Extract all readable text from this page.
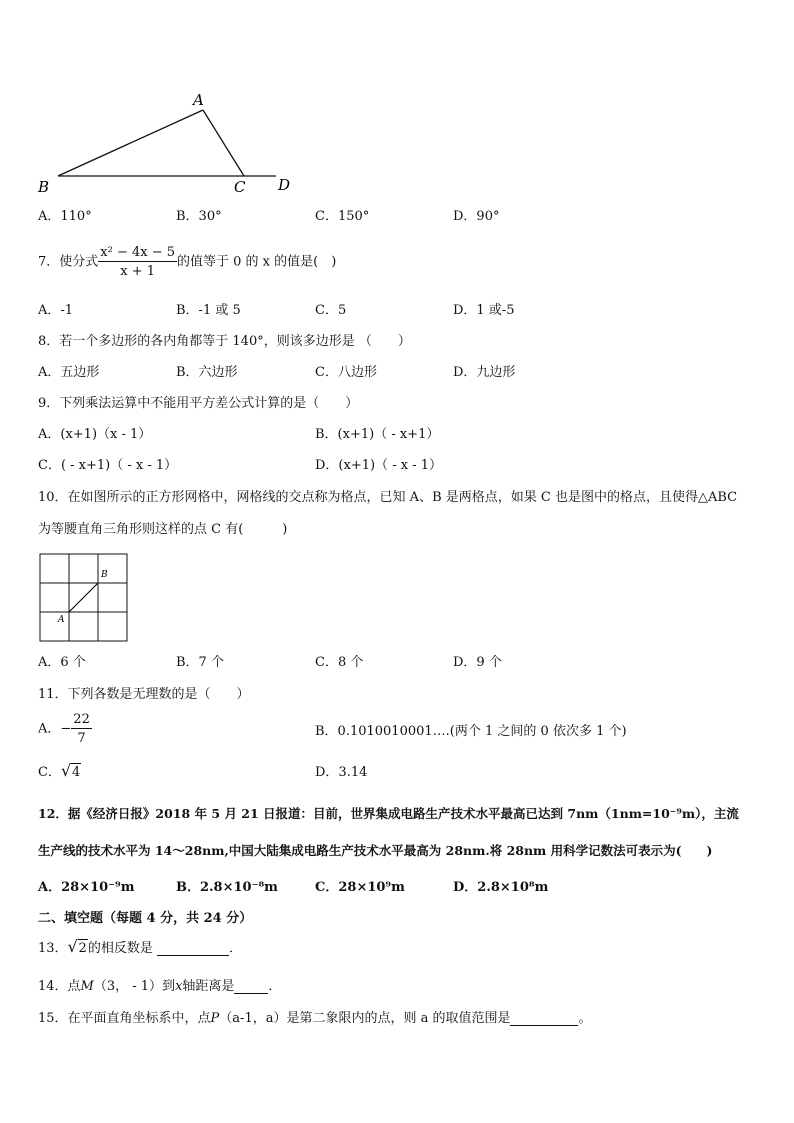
A
B	C D
A．110°	B．30°	C．150°	D．90°
7．使分式 $\frac{\text{x² − 4x − 5}}{x + 1}$ 的值等于 0 的 x 的值是(　)
A．-1	B．-1 或 5	C．5	D．1 或-5
8．若一个多边形的各内角都等于 140°，则该多边形是 （　　）
A．五边形	B．六边形	C．八边形	D．九边形
9．下列乘法运算中不能用平方差公式计算的是（　　）
A．(x+1)（x - 1）	B．(x+1)（ - x+1）
C．( - x+1)（ - x - 1）	D．(x+1)（ - x - 1）
10．在如图所示的正方形网格中，网格线的交点称为格点，已知 A、B 是两格点，如果 C 也是图中的格点，且使得△ABC
为等腰直角三角形则这样的点 C 有(　　　)
A
B
A．6 个	B．7 个	C．8 个	D．9 个
11．下列各数是无理数的是（　　）
A．− $\frac{22}{7}$	B．0.1010010001….(两个 1 之间的 0 依次多 1 个)
C． √ 4	D．3.14
12．据《经济日报》2018 年 5 月 21 日报道：目前，世界集成电路生产技术水平最高已达到 7nm（1nm=10⁻⁹m），主流
生产线的技术水平为 14～28nm,中国大陆集成电路生产技术水平最高为 28nm.将 28nm 用科学记数法可表示为(　　)
A．28×10⁻⁹m	B．2.8×10⁻⁸m	C．28×10⁹m	D．2.8×10⁸m
二、填空题（每题 4 分，共 24 分）
13． √ 2的相反数是	．
14．点M（3， - 1）到x轴距离是	．
15．在平面直角坐标系中，点P（a-1，a）是第二象限内的点，则 a 的取值范围是	。
